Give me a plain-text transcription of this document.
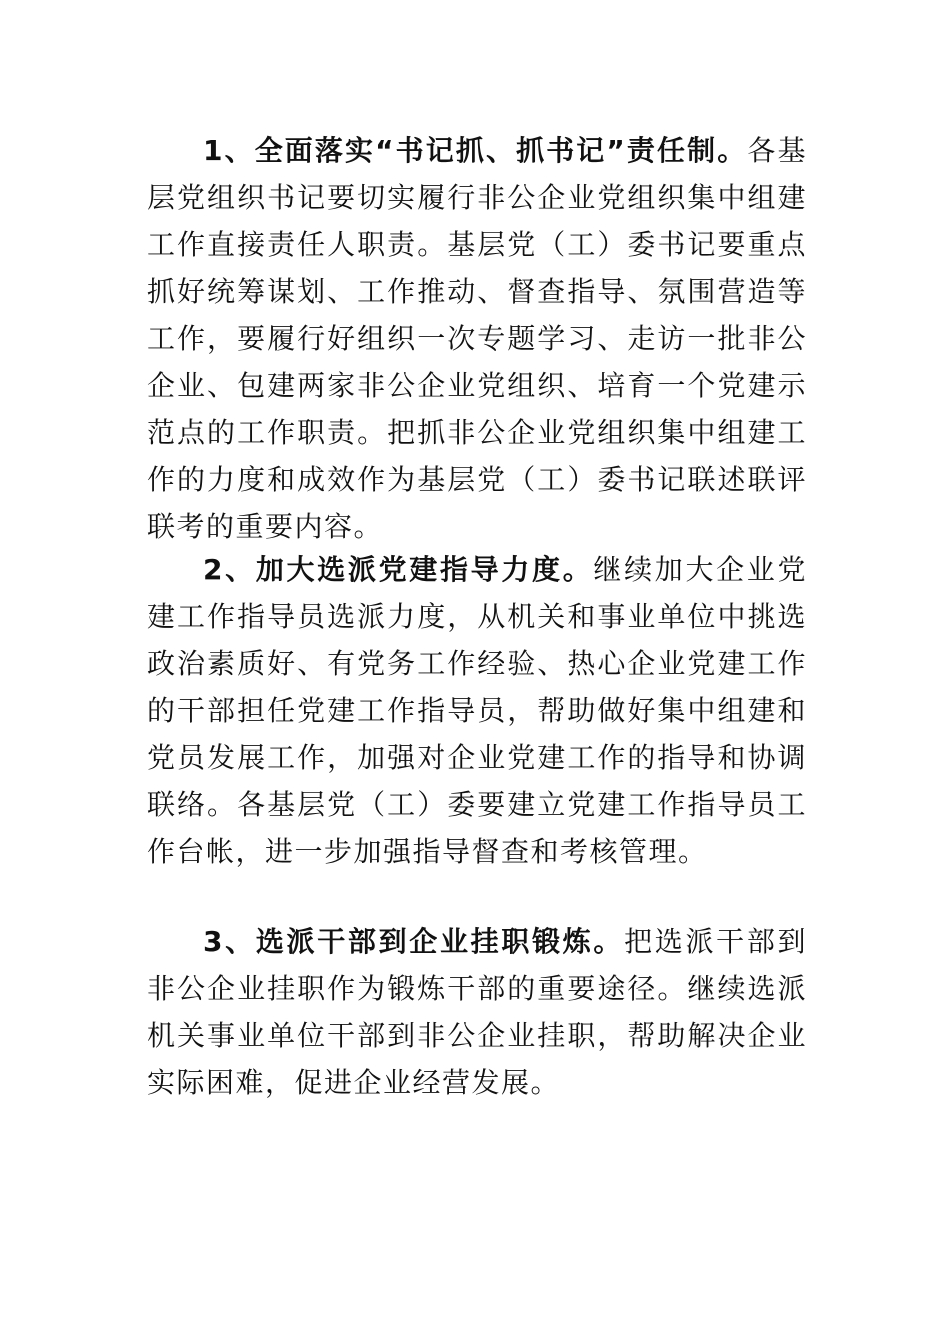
1、全面落实“书记抓、抓书记”责任制。各基层党组织书记要切实履行非公企业党组织集中组建工作直接责任人职责。基层党（工）委书记要重点抓好统筹谋划、工作推动、督查指导、氛围营造等工作，要履行好组织一次专题学习、走访一批非公企业、包建两家非公企业党组织、培育一个党建示范点的工作职责。把抓非公企业党组织集中组建工作的力度和成效作为基层党（工）委书记联述联评联考的重要内容。

2、加大选派党建指导力度。继续加大企业党建工作指导员选派力度，从机关和事业单位中挑选政治素质好、有党务工作经验、热心企业党建工作的干部担任党建工作指导员，帮助做好集中组建和党员发展工作，加强对企业党建工作的指导和协调联络。各基层党（工）委要建立党建工作指导员工作台帐，进一步加强指导督查和考核管理。

3、选派干部到企业挂职锻炼。把选派干部到非公企业挂职作为锻炼干部的重要途径。继续选派机关事业单位干部到非公企业挂职，帮助解决企业实际困难，促进企业经营发展。
